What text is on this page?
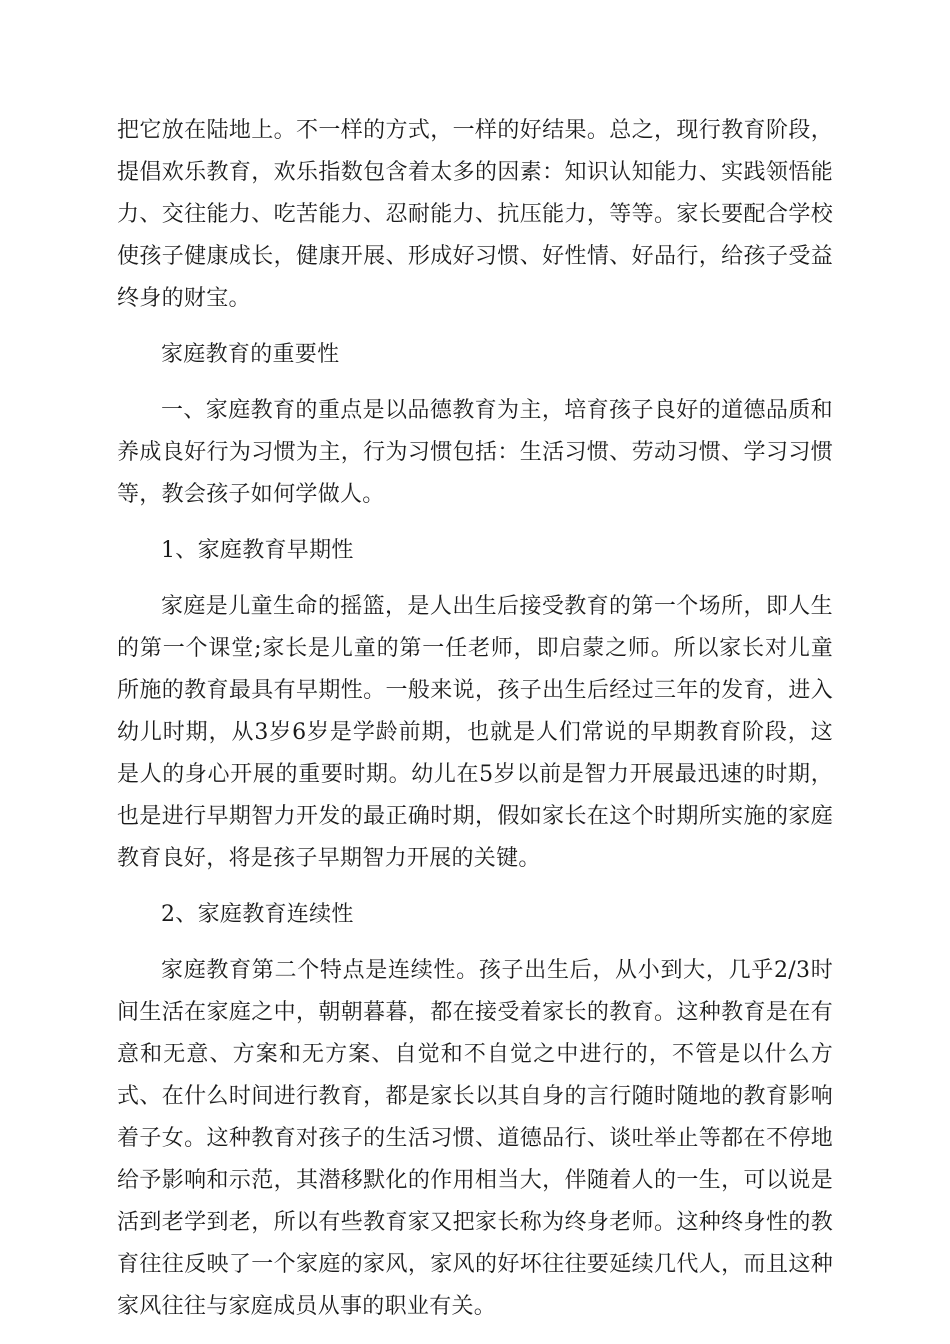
把它放在陆地上。不一样的方式，一样的好结果。总之，现行教育阶段，提倡欢乐教育，欢乐指数包含着太多的因素：知识认知能力、实践领悟能力、交往能力、吃苦能力、忍耐能力、抗压能力，等等。家长要配合学校使孩子健康成长，健康开展、形成好习惯、好性情、好品行，给孩子受益终身的财宝。

家庭教育的重要性

一、家庭教育的重点是以品德教育为主，培育孩子良好的道德品质和养成良好行为习惯为主，行为习惯包括：生活习惯、劳动习惯、学习习惯等，教会孩子如何学做人。

1、家庭教育早期性

家庭是儿童生命的摇篮，是人出生后接受教育的第一个场所，即人生的第一个课堂;家长是儿童的第一任老师，即启蒙之师。所以家长对儿童所施的教育最具有早期性。一般来说，孩子出生后经过三年的发育，进入幼儿时期，从3岁6岁是学龄前期，也就是人们常说的早期教育阶段，这是人的身心开展的重要时期。幼儿在5岁以前是智力开展最迅速的时期，也是进行早期智力开发的最正确时期，假如家长在这个时期所实施的家庭教育良好，将是孩子早期智力开展的关键。

2、家庭教育连续性

家庭教育第二个特点是连续性。孩子出生后，从小到大，几乎2/3时间生活在家庭之中，朝朝暮暮，都在接受着家长的教育。这种教育是在有意和无意、方案和无方案、自觉和不自觉之中进行的，不管是以什么方式、在什么时间进行教育，都是家长以其自身的言行随时随地的教育影响着子女。这种教育对孩子的生活习惯、道德品行、谈吐举止等都在不停地给予影响和示范，其潜移默化的作用相当大，伴随着人的一生，可以说是活到老学到老，所以有些教育家又把家长称为终身老师。这种终身性的教育往往反映了一个家庭的家风，家风的好坏往往要延续几代人，而且这种家风往往与家庭成员从事的职业有关。
